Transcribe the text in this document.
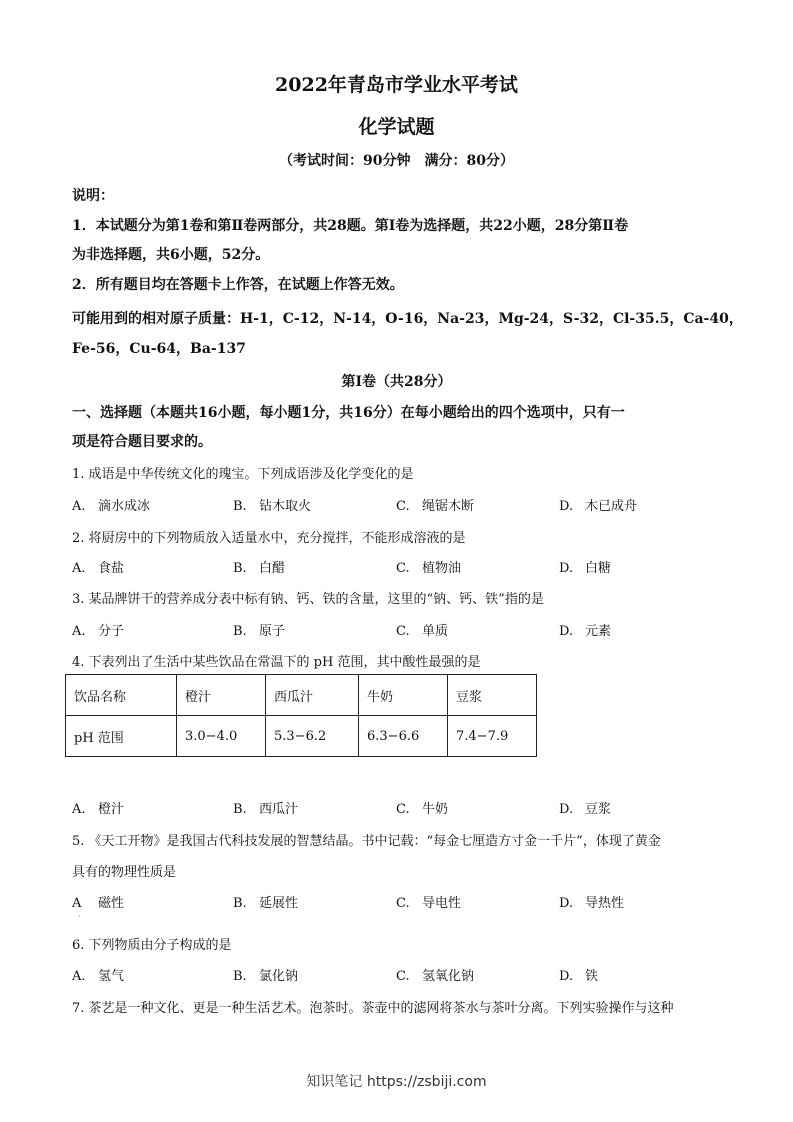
2022年青岛市学业水平考试
化学试题
（考试时间：90分钟　满分：80分）
说明：
1．本试题分为第1卷和第Ⅱ卷两部分，共28题。第Ⅰ卷为选择题，共22小题，28分第Ⅱ卷
为非选择题，共6小题，52分。
2．所有题目均在答题卡上作答，在试题上作答无效。
可能用到的相对原子质量：H-1，C-12，N-14，O-16，Na-23，Mg-24，S-32，Cl-35.5，Ca-40，
Fe-56，Cu-64，Ba-137
第Ⅰ卷（共28分）
一、选择题（本题共16小题，每小题1分，共16分）在每小题给出的四个选项中，只有一
项是符合题目要求的。
1. 成语是中华传统文化的瑰宝。下列成语涉及化学变化的是
A. 滴水成冰	B. 钻木取火	C. 绳锯木断	D. 木已成舟
2. 将厨房中的下列物质放入适量水中，充分搅拌，不能形成溶液的是
A. 食盐	B. 白醋	C. 植物油	D. 白糖
3. 某品牌饼干的营养成分表中标有钠、钙、铁的含量，这里的“钠、钙、铁”指的是
A. 分子	B. 原子	C. 单质	D. 元素
4. 下表列出了生活中某些饮品在常温下的 pH 范围，其中酸性最强的是
饮品名称	橙汁	西瓜汁	牛奶	豆浆
pH 范围	3.0−4.0	5.3−6.2	6.3−6.6	7.4−7.9
A. 橙汁	B. 西瓜汁	C. 牛奶	D. 豆浆
5. 《天工开物》是我国古代科技发展的智慧结晶。书中记载：“每金七厘造方寸金一千片”，体现了黄金
具有的物理性质是
A 磁性	B. 延展性	C. 导电性	D. 导热性
·
6. 下列物质由分子构成的是
A. 氢气	B. 氯化钠	C. 氢氧化钠	D. 铁
7. 茶艺是一种文化、更是一种生活艺术。泡茶时。茶壶中的滤网将茶水与茶叶分离。下列实验操作与这种
知识笔记 https://zsbiji.com
